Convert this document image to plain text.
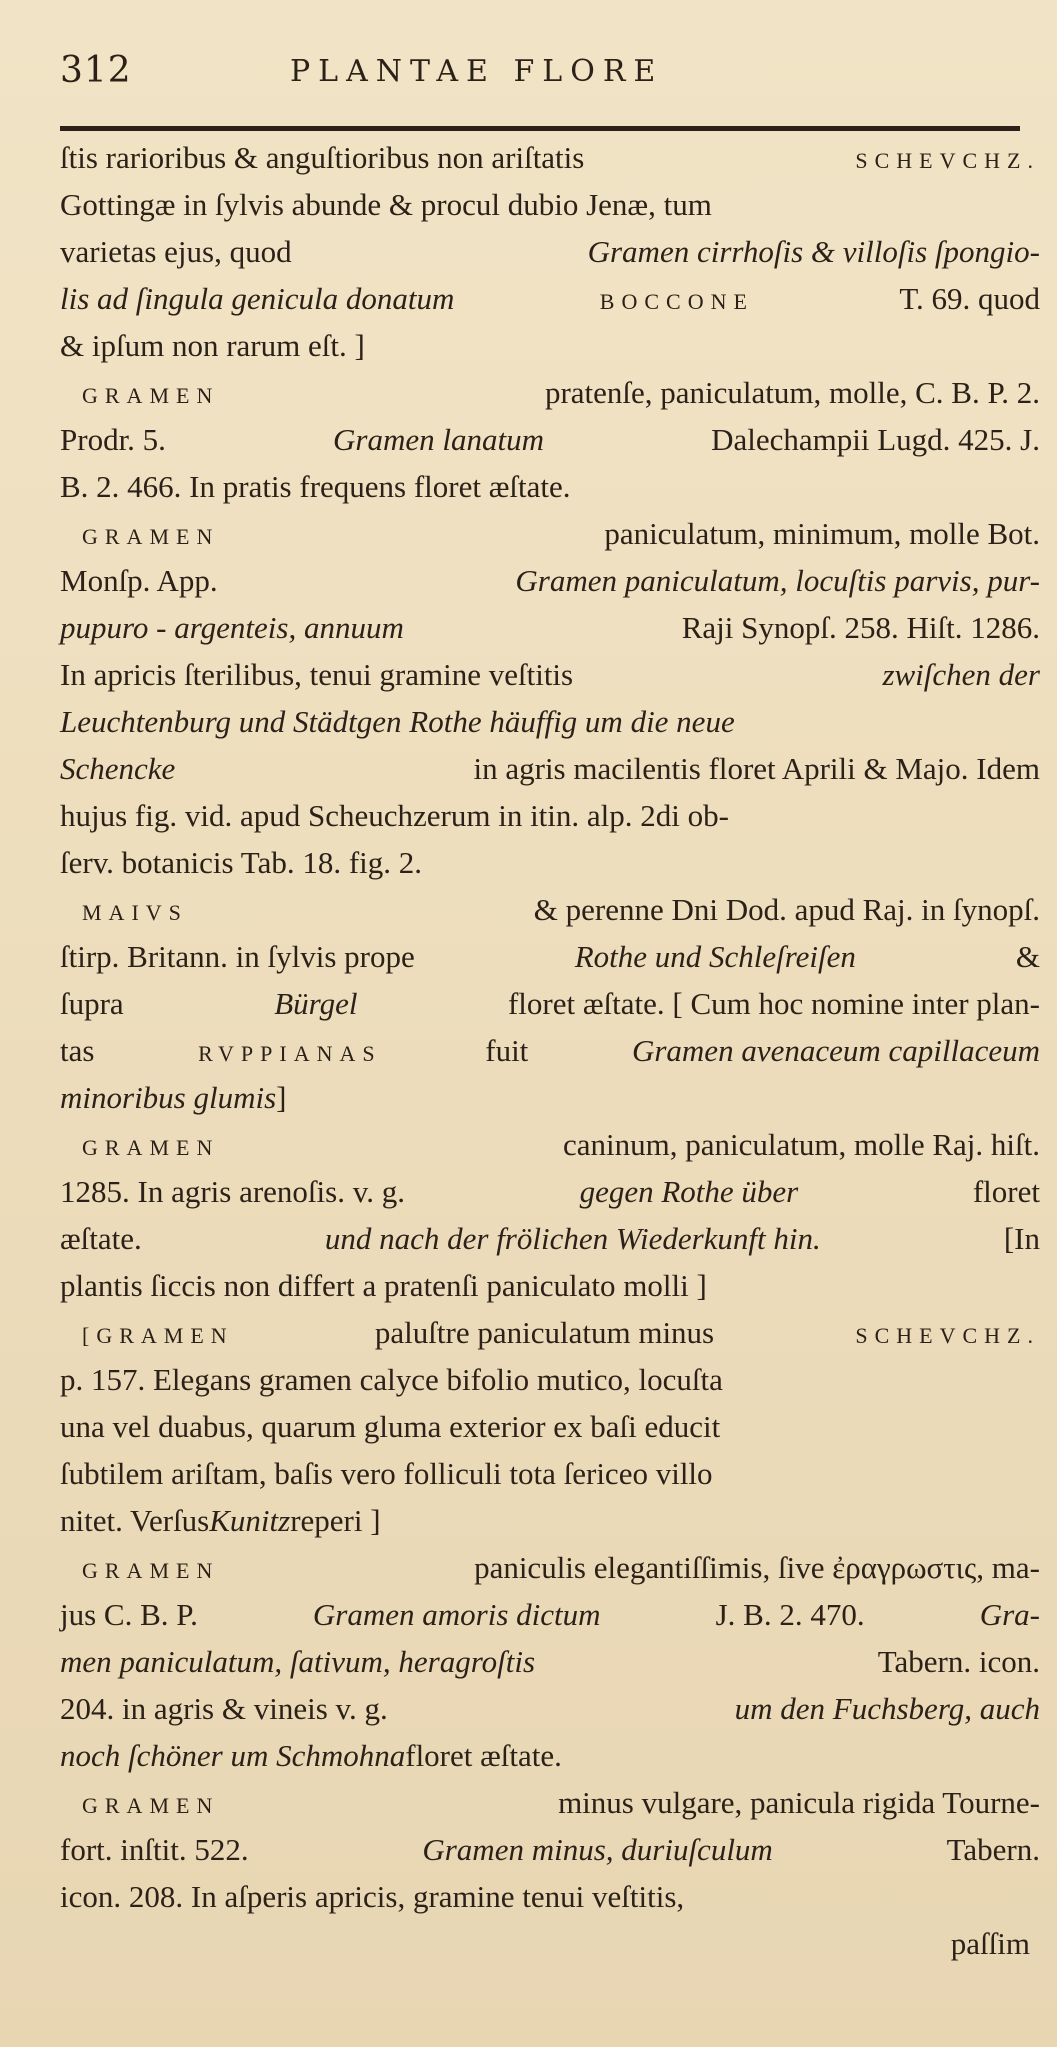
312	PLANTAE FLORE
ſtis rarioribus & anguſtioribus non ariſtatis	SCHEVCHZ.
Gottingæ in ſylvis abunde & procul dubio Jenæ, tum
varietas ejus, quod	Gramen cirrhoſis & villoſis ſpongio-
lis ad ſingula genicula donatum	BOCCONE	T. 69. quod
& ipſum non rarum eſt. ]
GRAMEN	pratenſe, paniculatum, molle, C. B. P. 2.
Prodr. 5.	Gramen lanatum	Dalechampii Lugd. 425. J.
B. 2. 466. In pratis frequens floret æſtate.
GRAMEN	paniculatum, minimum, molle Bot.
Monſp. App.	Gramen paniculatum, locuſtis parvis, pur-
pupuro - argenteis, annuum	Raji Synopſ. 258. Hiſt. 1286.
In apricis ſterilibus, tenui gramine veſtitis	zwiſchen der
Leuchtenburg und Städtgen Rothe häuffig um die neue
Schencke	in agris macilentis floret Aprili & Majo. Idem
hujus fig. vid. apud Scheuchzerum in itin. alp. 2di ob-
ſerv. botanicis Tab. 18. fig. 2.
MAIVS	& perenne Dni Dod. apud Raj. in ſynopſ.
ſtirp. Britann. in ſylvis prope	Rothe und Schleſreiſen	&
ſupra	Bürgel	floret æſtate. [ Cum hoc nomine inter plan-
tas	RVPPIANAS	fuit	Gramen avenaceum capillaceum
minoribus glumis ]
GRAMEN	caninum, paniculatum, molle Raj. hiſt.
1285. In agris arenoſis. v. g.	gegen Rothe über	floret
æſtate.	und nach der frölichen Wiederkunft hin.	[In
plantis ſiccis non differt a pratenſi paniculato molli ]
[GRAMEN	paluſtre paniculatum minus	SCHEVCHZ.
p. 157. Elegans gramen calyce bifolio mutico, locuſta
una vel duabus, quarum gluma exterior ex baſi educit
ſubtilem ariſtam, baſis vero folliculi tota ſericeo villo
nitet. Verſus Kunitz reperi ]
GRAMEN	paniculis elegantiſſimis, ſive ἐραγρωστις, ma-
jus C. B. P.	Gramen amoris dictum	J. B. 2. 470.	Gra-
men paniculatum, ſativum, heragroſtis	Tabern. icon.
204. in agris & vineis v. g.	um den Fuchsberg, auch
noch ſchöner um Schmohna floret æſtate.
GRAMEN	minus vulgare, panicula rigida Tourne-
fort. inſtit. 522.	Gramen minus, duriuſculum	Tabern.
icon. 208. In aſperis apricis, gramine tenui veſtitis,
paſſim
